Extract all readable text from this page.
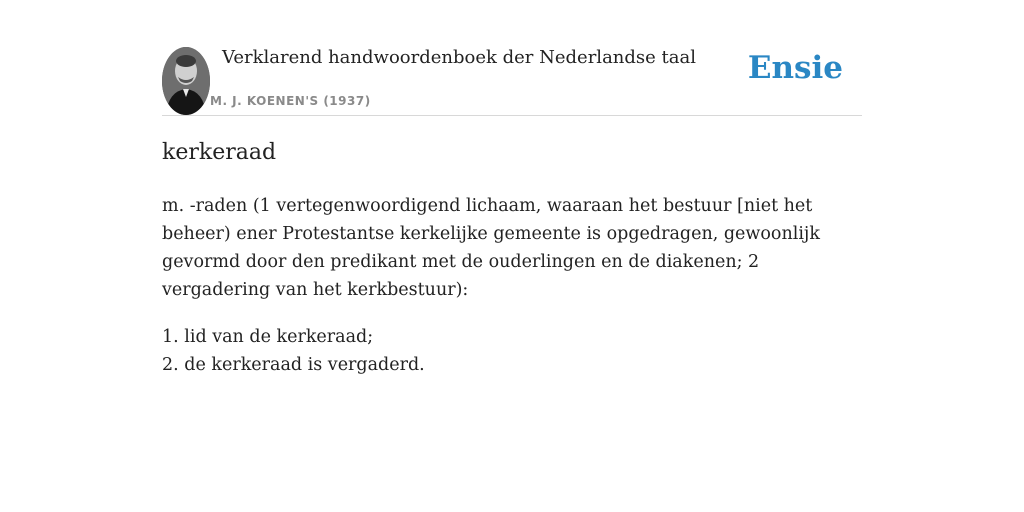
Verklarend handwoordenboek der Nederlandse taal
M. J. KOENEN'S (1937)
Ensie
kerkeraad

m. -raden (1 vertegenwoordigend lichaam, waaraan het bestuur [niet het beheer) ener Protestantse kerkelijke gemeente is opgedragen, gewoonlijk gevormd door den predikant met de ouderlingen en de diakenen; 2 vergadering van het kerkbestuur):

1. lid van de kerkeraad;
2. de kerkeraad is vergaderd.
